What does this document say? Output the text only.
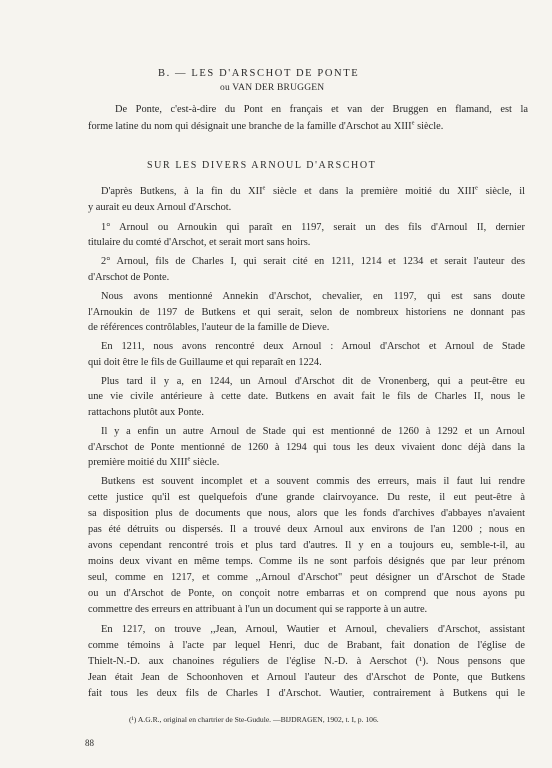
B. — LES D'ARSCHOT DE PONTE
ou VAN DER BRUGGEN
De Ponte, c'est-à-dire du Pont en français et van der Bruggen en flamand, est la
forme latine du nom qui désignait une branche de la famille d'Arschot au XIIIe siècle.
SUR LES DIVERS ARNOUL D'ARSCHOT
D'après Butkens, à la fin du XIIe siècle et dans la première moitié du XIIIe siècle, il
y aurait eu deux Arnoul d'Arschot.
1° Arnoul ou Arnoukin qui paraît en 1197, serait un des fils d'Arnoul II, dernier
titulaire du comté d'Arschot, et serait mort sans hoirs.
2° Arnoul, fils de Charles I, qui serait cité en 1211, 1214 et 1234 et serait l'auteur des
d'Arschot de Ponte.
Nous avons mentionné Annekin d'Arschot, chevalier, en 1197, qui est sans doute
l'Arnoukin de 1197 de Butkens et qui serait, selon de nombreux historiens ne donnant pas
de références contrôlables, l'auteur de la famille de Dieve.
En 1211, nous avons rencontré deux Arnoul : Arnoul d'Arschot et Arnoul de Stade
qui doit être le fils de Guillaume et qui reparaît en 1224.
Plus tard il y a, en 1244, un Arnoul d'Arschot dit de Vronenberg, qui a peut-être eu
une vie civile antérieure à cette date. Butkens en avait fait le fils de Charles II, nous le
rattachons plutôt aux Ponte.
Il y a enfin un autre Arnoul de Stade qui est mentionné de 1260 à 1292 et un Arnoul
d'Arschot de Ponte mentionné de 1260 à 1294 qui tous les deux vivaient donc déjà dans la
première moitié du XIIIe siècle.
Butkens est souvent incomplet et a souvent commis des erreurs, mais il faut lui rendre
cette justice qu'il est quelquefois d'une grande clairvoyance. Du reste, il eut peut-être à
sa disposition plus de documents que nous, alors que les fonds d'archives d'abbayes n'avaient
pas été détruits ou dispersés. Il a trouvé deux Arnoul aux environs de l'an 1200 ; nous en
avons cependant rencontré trois et plus tard d'autres. Il y en a toujours eu, semble-t-il, au
moins deux vivant en même temps. Comme ils ne sont parfois désignés que par leur prénom
seul, comme en 1217, et comme ,,Arnoul d'Arschot" peut désigner un d'Arschot de Stade
ou un d'Arschot de Ponte, on conçoit notre embarras et on comprend que nous ayons pu
commettre des erreurs en attribuant à l'un un document qui se rapporte à un autre.
En 1217, on trouve ,,Jean, Arnoul, Wautier et Arnoul, chevaliers d'Arschot, assistant
comme témoins à l'acte par lequel Henri, duc de Brabant, fait donation de l'église de
Thielt-N.-D. aux chanoines réguliers de l'église N.-D. à Aerschot (¹). Nous pensons que
Jean était Jean de Schoonhoven et Arnoul l'auteur des d'Arschot de Ponte, que Butkens
fait tous les deux fils de Charles I d'Arschot. Wautier, contrairement à Butkens qui le
(¹) A.G.R., original en chartrier de Ste-Gudule. —BIJDRAGEN, 1902, t. I, p. 106.
88
